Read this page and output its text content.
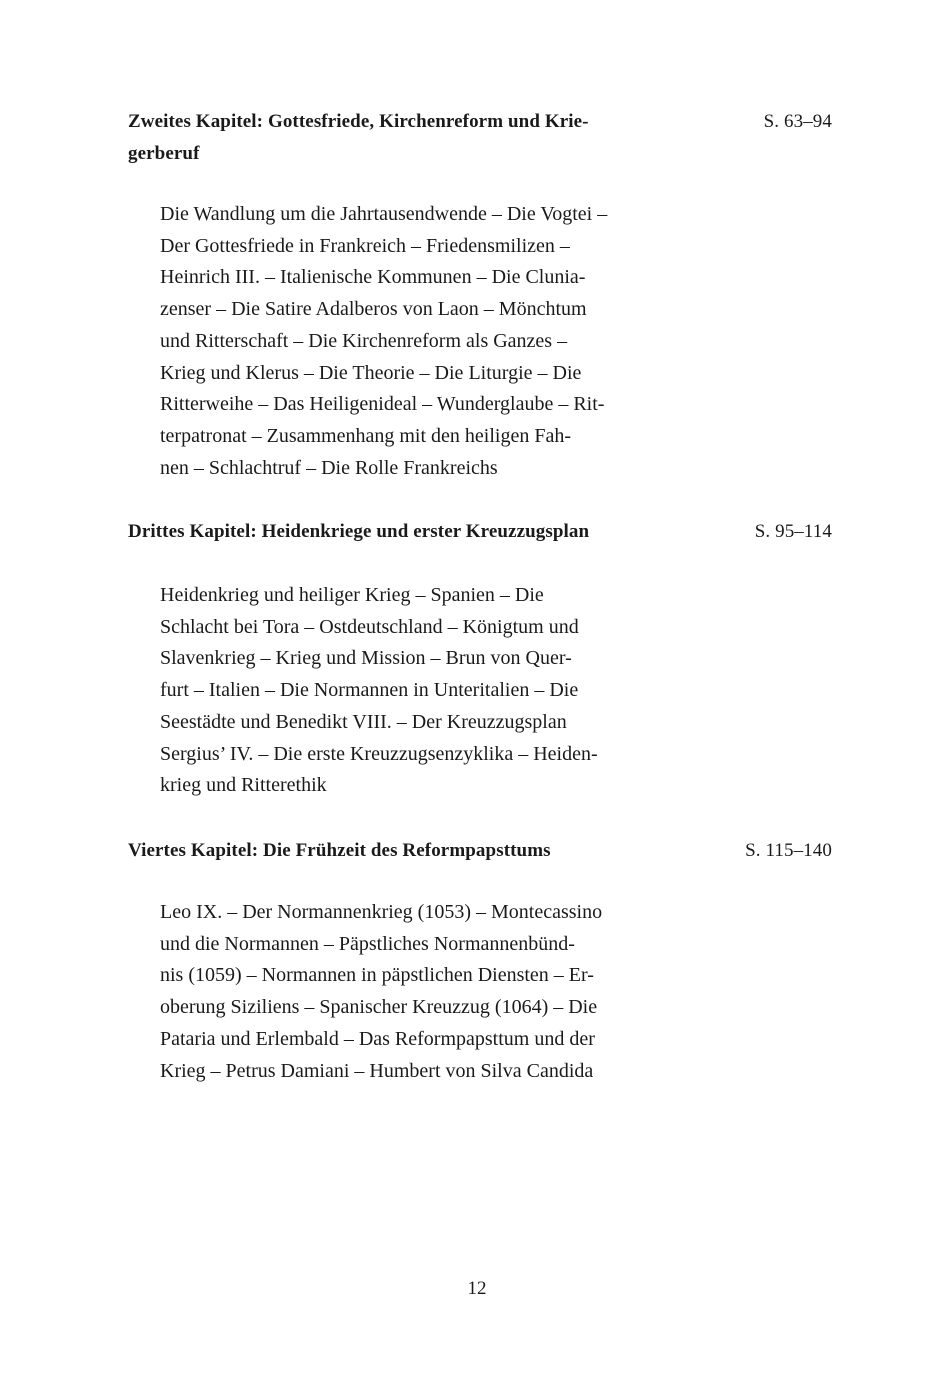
Zweites Kapitel: Gottesfriede, Kirchenreform und Krie-
gerberuf
S. 63–94
Die Wandlung um die Jahrtausendwende – Die Vogtei –
Der Gottesfriede in Frankreich – Friedensmilizen –
Heinrich III. – Italienische Kommunen – Die Clunia-
zenser – Die Satire Adalberos von Laon – Mönchtum
und Ritterschaft – Die Kirchenreform als Ganzes –
Krieg und Klerus – Die Theorie – Die Liturgie – Die
Ritterweihe – Das Heiligenideal – Wunderglaube – Rit-
terpatronat – Zusammenhang mit den heiligen Fah-
nen – Schlachtruf – Die Rolle Frankreichs
Drittes Kapitel: Heidenkriege und erster Kreuzzugsplan	S. 95–114
Heidenkrieg und heiliger Krieg – Spanien – Die
Schlacht bei Tora – Ostdeutschland – Königtum und
Slavenkrieg – Krieg und Mission – Brun von Quer-
furt – Italien – Die Normannen in Unteritalien – Die
Seestädte und Benedikt VIII. – Der Kreuzzugsplan
Sergius’ IV. – Die erste Kreuzzugsenzyklika – Heiden-
krieg und Ritterethik
Viertes Kapitel: Die Frühzeit des Reformpapsttums	S. 115–140
Leo IX. – Der Normannenkrieg (1053) – Montecassino
und die Normannen – Päpstliches Normannenbünd-
nis (1059) – Normannen in päpstlichen Diensten – Er-
oberung Siziliens – Spanischer Kreuzzug (1064) – Die
Pataria und Erlembald – Das Reformpapsttum und der
Krieg – Petrus Damiani – Humbert von Silva Candida
12
